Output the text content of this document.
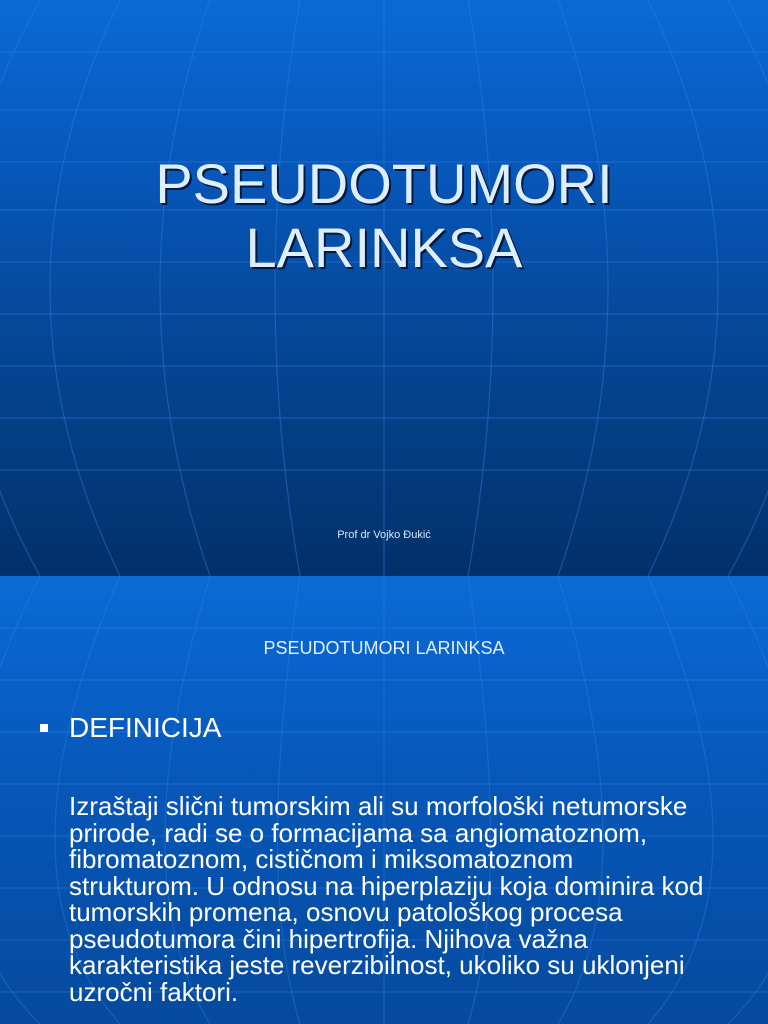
PSEUDOTUMORI
LARINKSA
Prof dr Vojko Đukić
PSEUDOTUMORI LARINKSA
DEFINICIJA

Izraštaji slični tumorskim ali su morfološki netumorske prirode, radi se o formacijama sa angiomatoznom, fibromatoznom, cističnom i miksomatoznom strukturom. U odnosu na hiperplaziju koja dominira kod tumorskih promena, osnovu patološkog procesa pseudotumora čini hipertrofija. Njihova važna karakteristika jeste reverzibilnost, ukoliko su uklonjeni uzročni faktori.
